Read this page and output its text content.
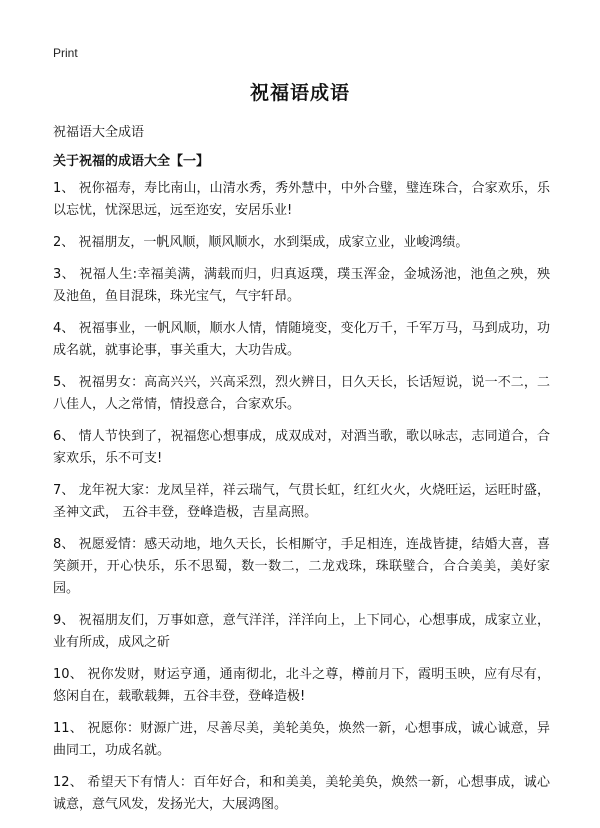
Print
祝福语成语
祝福语大全成语
关于祝福的成语大全【一】
1、 祝你福寿，寿比南山，山清水秀，秀外慧中，中外合璧，璧连珠合，合家欢乐，乐以忘忧，忧深思远，远至迩安，安居乐业!
2、 祝福朋友，一帆风顺，顺风顺水，水到渠成，成家立业，业峻鸿绩。
3、 祝福人生:幸福美满，满载而归，归真返璞，璞玉浑金，金城汤池，池鱼之殃，殃及池鱼，鱼目混珠，珠光宝气，气宇轩昂。
4、 祝福事业，一帆风顺，顺水人情，情随境变，变化万千，千军万马，马到成功，功成名就，就事论事，事关重大，大功告成。
5、 祝福男女：高高兴兴，兴高采烈，烈火辨日，日久天长，长话短说，说一不二，二八佳人，人之常情，情投意合，合家欢乐。
6、 情人节快到了，祝福您心想事成，成双成对，对酒当歌，歌以咏志，志同道合，合家欢乐，乐不可支!
7、 龙年祝大家：龙凤呈祥，祥云瑞气，气贯长虹，红红火火，火烧旺运，运旺时盛，圣神文武， 五谷丰登，登峰造极，吉星高照。
8、 祝愿爱情：感天动地，地久天长，长相厮守，手足相连，连战皆捷，结婚大喜，喜笑颜开，开心快乐，乐不思蜀，数一数二，二龙戏珠，珠联璧合，合合美美，美好家园。
9、 祝福朋友们，万事如意，意气洋洋，洋洋向上，上下同心，心想事成，成家立业，业有所成，成风之斫
10、 祝你发财，财运亨通，通南彻北，北斗之尊，樽前月下，霞明玉映，应有尽有，悠闲自在，载歌载舞，五谷丰登，登峰造极!
11、 祝愿你：财源广进，尽善尽美，美轮美奂，焕然一新，心想事成，诚心诚意，异曲同工，功成名就。
12、 希望天下有情人：百年好合，和和美美，美轮美奂，焕然一新，心想事成，诚心诚意，意气风发，发扬光大，大展鸿图。
